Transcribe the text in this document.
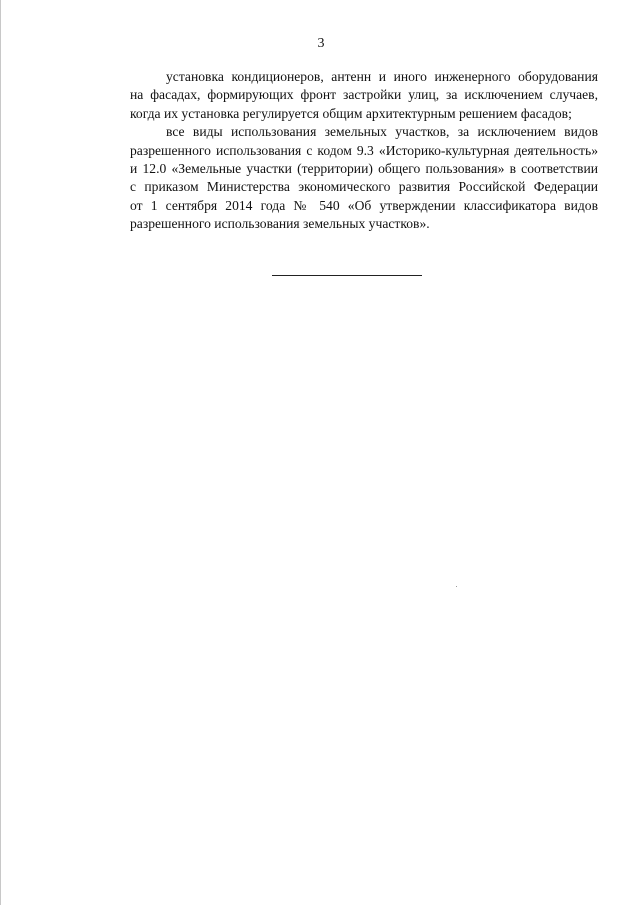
3
установка кондиционеров, антенн и иного инженерного оборудования
на фасадах, формирующих фронт застройки улиц, за исключением случаев,
когда их установка регулируется общим архитектурным решением фасадов;
все виды использования земельных участков, за исключением видов
разрешенного использования с кодом 9.3 «Историко-культурная деятельность»
и 12.0 «Земельные участки (территории) общего пользования» в соответствии
с приказом Министерства экономического развития Российской Федерации
от 1 сентября 2014 года № 540 «Об утверждении классификатора видов
разрешенного использования земельных участков».
